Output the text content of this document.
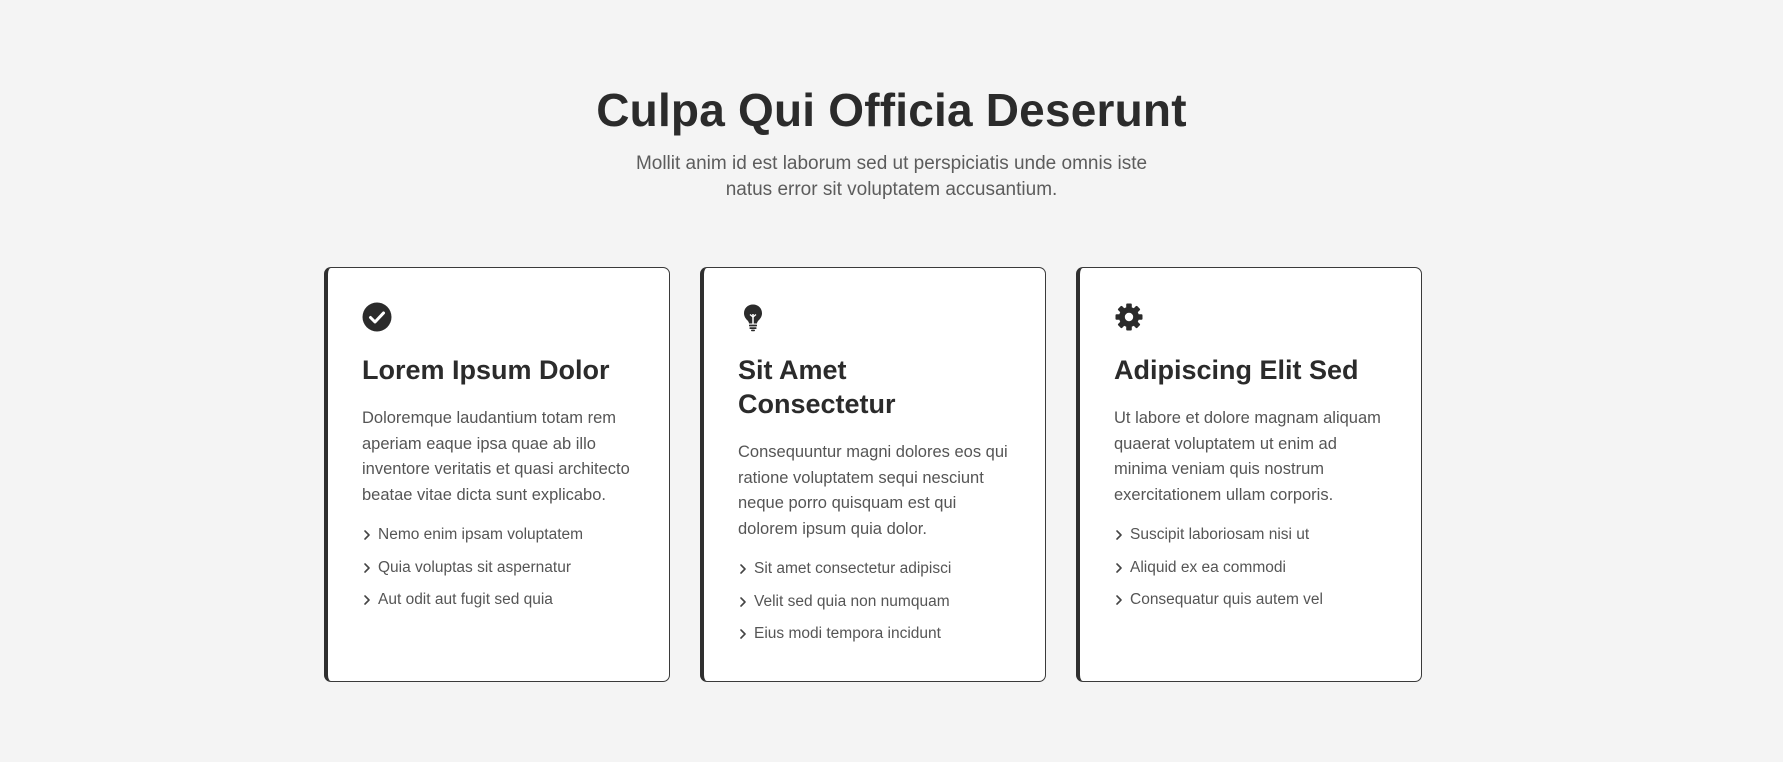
Culpa Qui Officia Deserunt

Mollit anim id est laborum sed ut perspiciatis unde omnis iste natus error sit voluptatem accusantium.

Lorem Ipsum Dolor

Doloremque laudantium totam rem aperiam eaque ipsa quae ab illo inventore veritatis et quasi architecto beatae vitae dicta sunt explicabo.

Nemo enim ipsam voluptatem
Quia voluptas sit aspernatur
Aut odit aut fugit sed quia
Sit Amet Consectetur

Consequuntur magni dolores eos qui ratione voluptatem sequi nesciunt neque porro quisquam est qui dolorem ipsum quia dolor.

Sit amet consectetur adipisci
Velit sed quia non numquam
Eius modi tempora incidunt
Adipiscing Elit Sed

Ut labore et dolore magnam aliquam quaerat voluptatem ut enim ad minima veniam quis nostrum exercitationem ullam corporis.

Suscipit laboriosam nisi ut
Aliquid ex ea commodi
Consequatur quis autem vel
